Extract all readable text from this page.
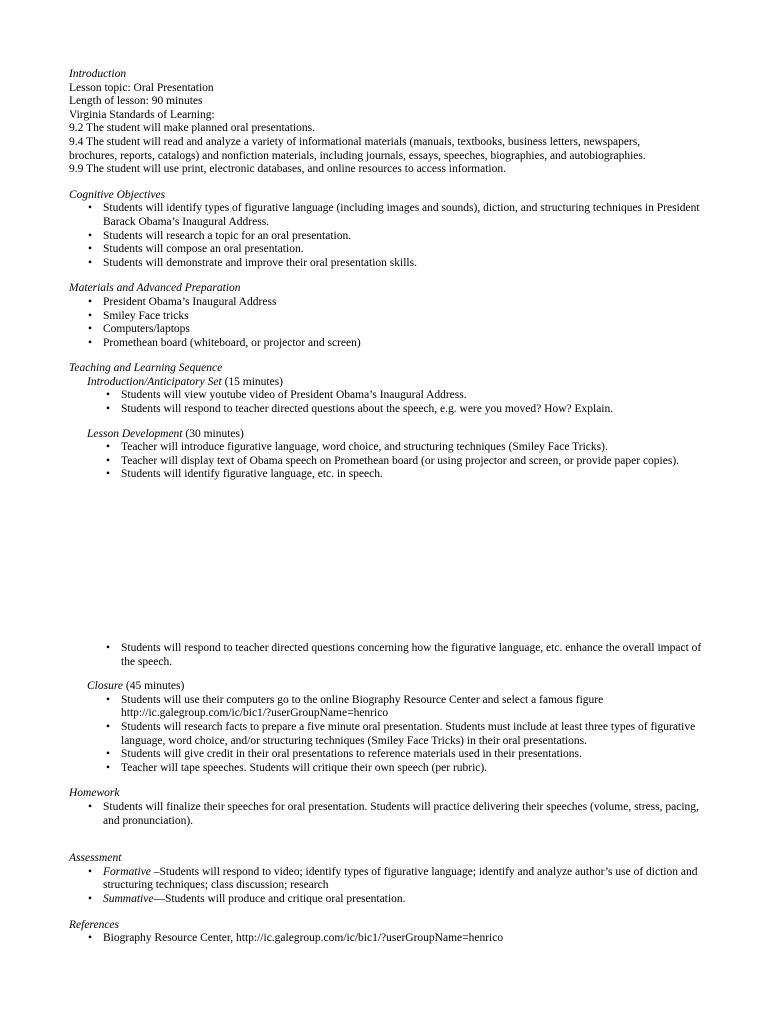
Introduction
Lesson topic: Oral Presentation
Length of lesson: 90 minutes
Virginia Standards of Learning:
9.2 The student will make planned oral presentations.
9.4 The student will read and analyze a variety of informational materials (manuals, textbooks, business letters, newspapers,
brochures, reports, catalogs) and nonfiction materials, including journals, essays, speeches, biographies, and autobiographies.
9.9 The student will use print, electronic databases, and online resources to access information.
Cognitive Objectives
• Students will identify types of figurative language (including images and sounds), diction, and structuring techniques in President Barack Obama’s Inaugural Address.
• Students will research a topic for an oral presentation.
• Students will compose an oral presentation.
• Students will demonstrate and improve their oral presentation skills.
Materials and Advanced Preparation
• President Obama’s Inaugural Address
• Smiley Face tricks
• Computers/laptops
• Promethean board (whiteboard, or projector and screen)
Teaching and Learning Sequence
Introduction/Anticipatory Set (15 minutes)
• Students will view youtube video of President Obama’s Inaugural Address.
• Students will respond to teacher directed questions about the speech, e.g. were you moved? How? Explain.
Lesson Development (30 minutes)
• Teacher will introduce figurative language, word choice, and structuring techniques (Smiley Face Tricks).
• Teacher will display text of Obama speech on Promethean board (or using projector and screen, or provide paper copies).
• Students will identify figurative language, etc. in speech.
• Students will respond to teacher directed questions concerning how the figurative language, etc. enhance the overall impact of the speech.
Closure (45 minutes)
• Students will use their computers go to the online Biography Resource Center and select a famous figure http://ic.galegroup.com/ic/bic1/?userGroupName=henrico
• Students will research facts to prepare a five minute oral presentation. Students must include at least three types of figurative language, word choice, and/or structuring techniques (Smiley Face Tricks) in their oral presentations.
• Students will give credit in their oral presentations to reference materials used in their presentations.
• Teacher will tape speeches. Students will critique their own speech (per rubric).
Homework
• Students will finalize their speeches for oral presentation. Students will practice delivering their speeches (volume, stress, pacing, and pronunciation).
Assessment
• Formative –Students will respond to video; identify types of figurative language; identify and analyze author’s use of diction and structuring techniques; class discussion; research
• Summative—Students will produce and critique oral presentation.
References
• Biography Resource Center, http://ic.galegroup.com/ic/bic1/?userGroupName=henrico
